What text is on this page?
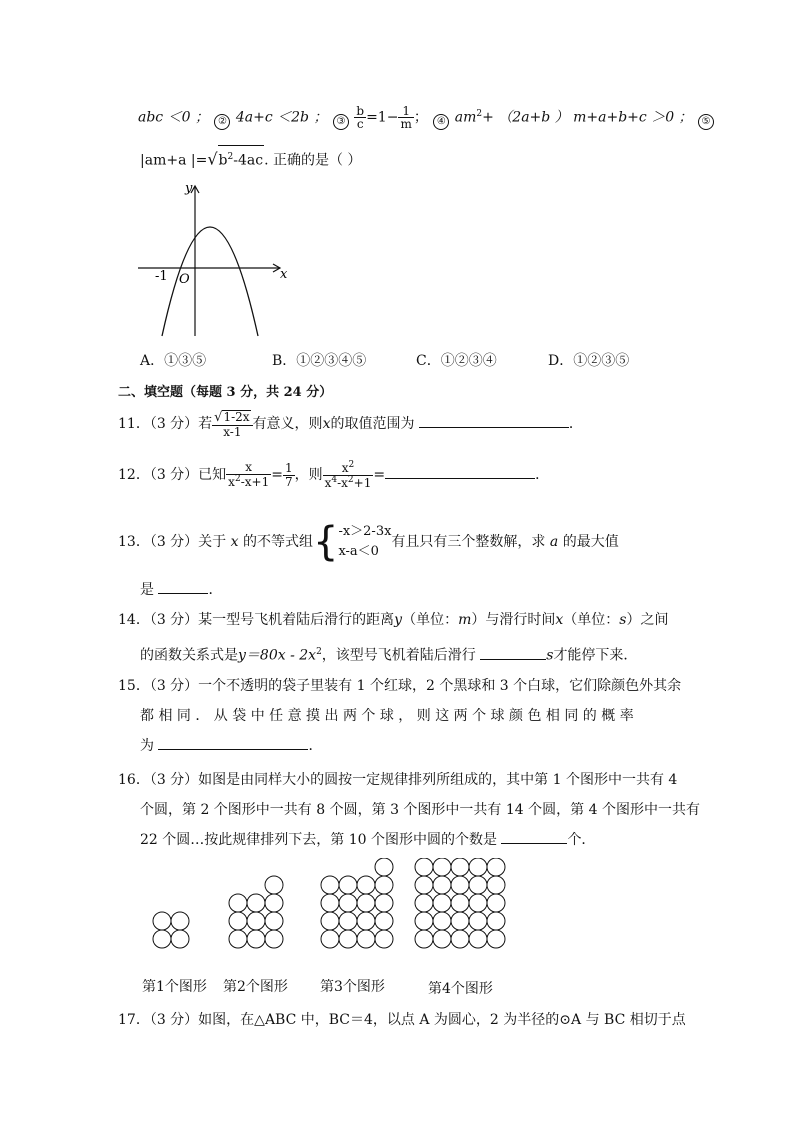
abc ＜0 ； ② 4a+c ＜2b ； ③ $\frac{b}{c} =1- \frac{1}{m}$ ； ④ $am^2+ (2a+b$ ） m+a+b+c ＞0 ； ⑤
|am+a $|=√b^2-4ac$. 正确的是（ ）
y
x
O
-1
A．①③⑤	B．①②③④⑤	C．①②③④	D．①②③⑤
二、填空题（每题 3 分，共 24 分）
11．（3 分）若 $\frac{√1-2x}{x-1}$ 有意义，则x的取值范围为	．
12．（3 分）已知 $\frac{x}{x^2-x+1} = \frac{1}{7}$ ，则 $\frac{x^2}{x^4-x^2+1}$ =	．
13．（3 分）关于 x 的不等式组{ -x＞2-3x
x-a＜0
有且只有三个整数解，求 a 的最大值
是	．
14．（3 分）某一型号飞机着陆后滑行的距离y（单位：m）与滑行时间x（单位：s）之间
的函数关系式是$y=80x - 2x^2$，该型号飞机着陆后滑行	s才能停下来．
15．（3 分）一个不透明的袋子里装有 1 个红球，2 个黑球和 3 个白球，它们除颜色外其余
都 相 同 ． 从 袋 中 任 意 摸 出 两 个 球 ， 则 这 两 个 球 颜 色 相 同 的 概 率
为	．
16．（3 分）如图是由同样大小的圆按一定规律排列所组成的，其中第 1 个图形中一共有 4
个圆，第 2 个图形中一共有 8 个圆，第 3 个图形中一共有 14 个圆，第 4 个图形中一共有
22 个圆…按此规律排列下去，第 10 个图形中圆的个数是	个．
第1个图形 第2个图形 第3个图形	第4个图形
17．（3 分）如图，在△ABC 中，BC＝4，以点 A 为圆心，2 为半径的⊙A 与 BC 相切于点
